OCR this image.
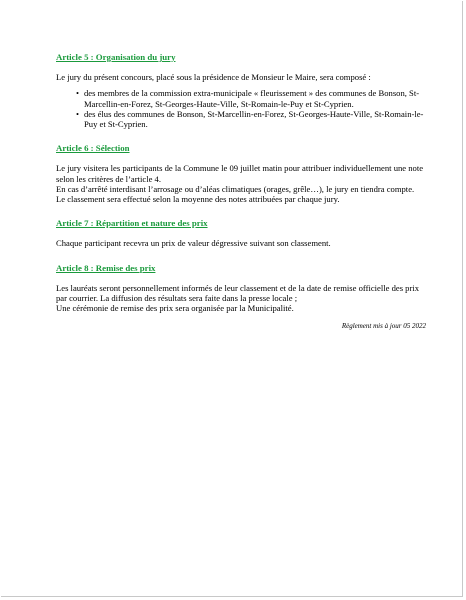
Article 5 : Organisation du jury

Le jury du présent concours, placé sous la présidence de Monsieur le Maire, sera composé :

• des membres de la commission extra-municipale « fleurissement » des communes de Bonson, St-Marcellin-en-Forez, St-Georges-Haute-Ville, St-Romain-le-Puy et St-Cyprien.
• des élus des communes de Bonson, St-Marcellin-en-Forez, St-Georges-Haute-Ville, St-Romain-le-Puy et St-Cyprien.

Article 6 : Sélection

Le jury visitera les participants de la Commune le 09 juillet matin pour attribuer individuellement une note selon les critères de l’article 4.

En cas d’arrêté interdisant l’arrosage ou d’aléas climatiques (orages, grêle…), le jury en tiendra compte.

Le classement sera effectué selon la moyenne des notes attribuées par chaque jury.

Article 7 : Répartition et nature des prix

Chaque participant recevra un prix de valeur dégressive suivant son classement.

Article 8 : Remise des prix

Les lauréats seront personnellement informés de leur classement et de la date de remise officielle des prix par courrier. La diffusion des résultats sera faite dans la presse locale ;

Une cérémonie de remise des prix sera organisée par la Municipalité.

Règlement mis à jour 05 2022
